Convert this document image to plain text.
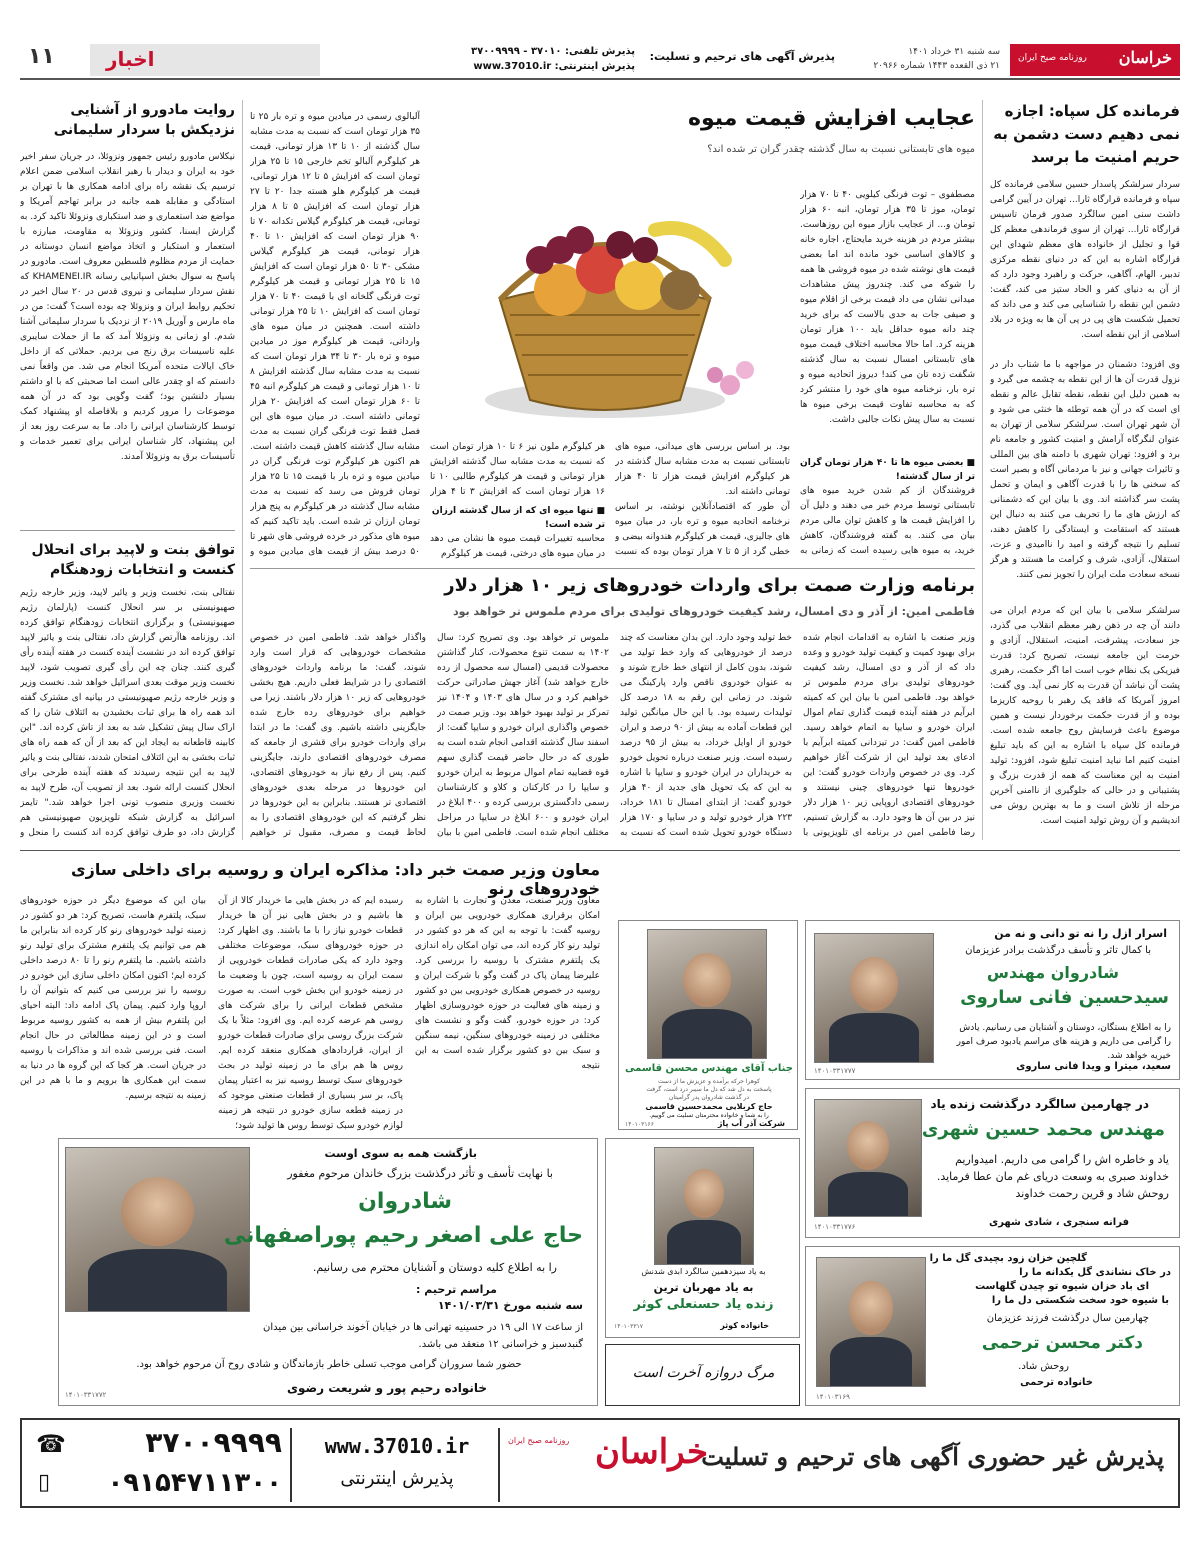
خراسان
روزنامه صبح ایران
سه شنبه ۳۱ خرداد ۱۴۰۱
۲۱ ذی القعده ۱۴۴۳ شماره ۲۰۹۶۶
پذیرش آگهی های ترحیم و تسلیت:
پذیرش تلفنی: ۳۷۰۱۰ - ۳۷۰۰۹۹۹۹
پذیرش اینترنتی: www.37010.ir
اخبار
۱۱
فرمانده کل سپاه: اجازه نمی دهیم دست دشمن به حریم امنیت ما برسد
سردار سرلشکر پاسدار حسین سلامی فرمانده کل سپاه و فرمانده قرارگاه ثارا... تهران در آیین گرامی داشت سنی امین سالگرد صدور فرمان تاسیس قرارگاه ثارا... تهران از سوی فرماندهی معظم کل قوا و تجلیل از خانواده های معظم شهدای این قرارگاه اشاره به این که در دنیای نقطه مرکزی تدبیر، الهام، آگاهی، حرکت و راهبرد وجود دارد که از آن به دنیای کفر و الحاد ستیز می کند، گفت: دشمن این نقطه را شناسایی می کند و می داند که تحمیل شکست های پی در پی آن ها به ویژه در بلاد اسلامی از این نقطه است.
وی افزود: دشمنان در مواجهه با ما شتاب دار در نزول قدرت آن ها از این نقطه به چشمه می گیرد و به همین دلیل این نقطه، نقطه تقابل عالم و نقطه ای است که در آن همه توطئه ها خنثی می شود و آن شهر تهران است. سرلشکر سلامی از تهران به عنوان لنگرگاه آرامش و امنیت کشور و جامعه نام برد و افزود: تهران شهری با دامنه های بین المللی و تاثیرات جهانی و نیز با مردمانی آگاه و بصیر است که سخنی ها را با قدرت آگاهی و ایمان و تحمل پشت سر گذاشته اند. وی با بیان این که دشمنانی که ارزش های ما را تحریف می کنند به دنبال این هستند که استقامت و ایستادگی را کاهش دهند، تسلیم را نتیجه گرفته و امید را ناامیدی و عزت، استقلال، آزادی، شرف و کرامت ما هستند و هرگز نسخه سعادت ملت ایران را تجویز نمی کنند.
سرلشکر سلامی با بیان این که مردم ایران می دانند آن چه در ذهن رهبر معظم انقلاب می گذرد، جز سعادت، پیشرفت، امنیت، استقلال، آزادی و حرمت این جامعه نیست، تصریح کرد: قدرت فیزیکی یک نظام خوب است اما اگر حکمت، رهبری پشت آن نباشد آن قدرت به کار نمی آید. وی گفت: امروز آمریکا که فاقد یک رهبر با روحیه کاریزما بوده و از قدرت حکمت برخوردار نیست و همین موضوع باعث فرسایش روح جامعه شده است. فرمانده کل سپاه با اشاره به این که باید تبلیغ امنیت کنیم اما نباید امنیت تبلیغ شود، افزود: تولید امنیت به این معناست که همه از قدرت بزرگ و پشتیبانی و در حالی که جلوگیری از ناامنی آخرین مرحله از تلاش است و ما به بهترین روش می اندیشیم و آن روش تولید امنیت است.
عجایب افزایش قیمت میوه
میوه های تابستانی نسبت به سال گذشته چقدر گران تر شده اند؟
مصطفوی – توت فرنگی کیلویی ۴۰ تا ۷۰ هزار تومان، موز تا ۳۵ هزار تومان، انبه ۶۰ هزار تومان و... از عجایب بازار میوه این روزهاست. بیشتر مردم در هزینه خرید مایحتاج، اجاره خانه و کالاهای اساسی خود مانده اند اما بعضی قیمت های نوشته شده در میوه فروشی ها همه را شوکه می کند. چندروز پیش مشاهدات میدانی نشان می داد قیمت برخی از اقلام میوه و صیفی جات به حدی بالاست که برای خرید چند دانه میوه حداقل باید ۱۰۰ هزار تومان هزینه کرد. اما حالا محاسبه اختلاف قیمت میوه های تابستانی امسال نسبت به سال گذشته شگفت زده تان می کند! دیروز اتحادیه میوه و تره بار، نرخنامه میوه های خود را منتشر کرد که به محاسبه تفاوت قیمت برخی میوه ها نسبت به سال پیش نکات جالبی داشت.
■ بعضی میوه ها تا ۴۰ هزار تومان گران تر از سال گذشته!
فروشندگان از کم شدن خرید میوه های تابستانی توسط مردم خبر می دهند و دلیل آن را افزایش قیمت ها و کاهش توان مالی مردم بیان می کنند. به گفته فروشندگان، کاهش خرید، به میوه هایی رسیده است که زمانی به
بود. بر اساس بررسی های میدانی، میوه های تابستانی نسبت به مدت مشابه سال گذشته در هر کیلوگرم افزایش قیمت هزار تا ۴۰ هزار تومانی داشته اند.
آن طور که اقتصادآنلاین نوشته، بر اساس نرخنامه اتحادیه میوه و تره بار، در میان میوه های جالیزی، قیمت هر کیلوگرم هندوانه بیضی و خطی گرد از ۵ تا ۷ هزار تومان بوده که نسبت
هر کیلوگرم ملون نیز ۶ تا ۱۰ هزار تومان است که نسبت به مدت مشابه سال گذشته افزایش هزار تومانی و قیمت هر کیلوگرم طالبی ۱۰ تا ۱۶ هزار تومان است که افزایش ۳ تا ۴ هزار
■ تنها میوه ای که از سال گذشته ارزان تر شده است!
محاسبه تغییرات قیمت میوه ها نشان می دهد در میان میوه های درختی، قیمت هر کیلوگرم
آلبالوی رسمی در میادین میوه و تره بار ۲۵ تا ۳۵ هزار تومان است که نسبت به مدت مشابه سال گذشته از ۱۰ تا ۱۳ هزار تومانی، قیمت هر کیلوگرم آلبالو تخم خارجی ۱۵ تا ۲۵ هزار تومان است که افزایش ۵ تا ۱۲ هزار تومانی، قیمت هر کیلوگرم هلو هسته جدا ۲۰ تا ۲۷ هزار تومان است که افزایش ۵ تا ۸ هزار تومانی، قیمت هر کیلوگرم گیلاس تکدانه ۷۰ تا ۹۰ هزار تومان است که افزایش ۱۰ تا ۴۰ هزار تومانی، قیمت هر کیلوگرم گیلاس مشکی ۳۰ تا ۵۰ هزار تومان است که افزایش ۱۵ تا ۲۵ هزار تومانی و قیمت هر کیلوگرم توت فرنگی گلخانه ای با قیمت ۴۰ تا ۷۰ هزار تومان است که افزایش ۱۰ تا ۲۵ هزار تومانی داشته است. همچنین در میان میوه های وارداتی، قیمت هر کیلوگرم موز در میادین میوه و تره بار ۳۰ تا ۳۴ هزار تومان است که نسبت به مدت مشابه سال گذشته افزایش ۸ تا ۱۰ هزار تومانی و قیمت هر کیلوگرم انبه ۴۵ تا ۶۰ هزار تومان است که افزایش ۲۰ هزار تومانی داشته است. در میان میوه های این فصل فقط توت فرنگی گران نسبت به مدت مشابه سال گذشته کاهش قیمت داشته است. هم اکنون هر کیلوگرم توت فرنگی گران در میادین میوه و تره بار با قیمت ۱۵ تا ۲۵ هزار تومان فروش می رسد که نسبت به مدت مشابه سال گذشته در هر کیلوگرم به پنج هزار تومان ارزان تر شده است. باید تاکید کنیم که میوه های مذکور در خرده فروشی های شهر تا ۵۰ درصد بیش از قیمت های میادین میوه و
روایت مادورو از آشنایی نزدیکش با سردار سلیمانی
نیکلاس مادورو رئیس جمهور ونزوئلا، در جریان سفر اخیر خود به ایران و دیدار با رهبر انقلاب اسلامی ضمن اعلام ترسیم یک نقشه راه برای ادامه همکاری ها با تهران بر استادگی و مقابله همه جانبه در برابر تهاجم آمریکا و مواضع ضد استعماری و ضد استکباری ونزوئلا تاکید کرد. به گزارش ایسنا، کشور ونزوئلا به مقاومت، مبارزه با استعمار و استکبار و اتخاذ مواضع انسان دوستانه در حمایت از مردم مظلوم فلسطین معروف است. مادورو در پاسخ به سوال بخش اسپانیایی رسانه KHAMENEI.IR که نقش سردار سلیمانی و نیروی قدس در ۲۰ سال اخیر در تحکیم روابط ایران و ونزوئلا چه بوده است؟ گفت: من در ماه مارس و آوریل ۲۰۱۹ از نزدیک با سردار سلیمانی آشنا شدم. او زمانی به ونزوئلا آمد که ما از حملات سایبری علیه تاسیسات برق رنج می بردیم. حملاتی که از داخل خاک ایالات متحده آمریکا انجام می شد. من واقعاً نمی دانستم که او چقدر عالی است اما صحبتی که با او داشتم بسیار دلنشین بود؛ گفت وگویی بود که در آن همه موضوعات را مرور کردیم و بلافاصله او پیشنهاد کمک توسط کارشناسان ایرانی را داد. ما به سرعت روز بعد از این پیشنهاد، کار شناسان ایرانی برای تعمیر خدمات و تأسیسات برق به ونزوئلا آمدند.
توافق بنت و لاپید برای انحلال کنست و انتخابات زودهنگام
نفتالی بنت، نخست وزیر و یائیر لاپید، وزیر خارجه رژیم صهیونیستی بر سر انحلال کنست (پارلمان رژیم صهیونیستی) و برگزاری انتخابات زودهنگام توافق کرده اند. روزنامه هاآرتص گزارش داد، نفتالی بنت و یائیر لاپید توافق کرده اند در نشست آینده کنست در هفته آینده رأی گیری کنند. چنان چه این رأی گیری تصویب شود، لاپید نخست وزیر موقت بعدی اسرائیل خواهد شد. نخست وزیر و وزیر خارجه رژیم صهیونیستی در بیانیه ای مشترک گفته اند همه راه ها برای ثبات بخشیدن به ائتلاف شان را که اراک سال پیش تشکیل شد به بعد از تاش کرده اند. "این کابینه قاطعانه به ایجاد این که بعد از آن که همه راه های ثبات بخشی به این ائتلاف امتحان شدند، نفتالی بنت و یائیر لاپید به این نتیجه رسیدند که هفته آینده طرحی برای انحلال کنست ارائه شود. بعد از تصویب آن، طرح لاپید به نخست وزیری منصوب تونی اجرا خواهد شد." تایمز اسرائیل به گزارش شبکه تلویزیون صهیونیستی هم گزارش داد، دو طرف توافق کرده اند کنست را منحل و
برنامه وزارت صمت برای واردات خودروهای زیر ۱۰ هزار دلار
فاطمی امین: از آذر و دی امسال، رشد کیفیت خودروهای تولیدی برای مردم ملموس تر خواهد بود
وزیر صنعت با اشاره به اقدامات انجام شده برای بهبود کمیت و کیفیت تولید خودرو و وعده داد که از آذر و دی امسال، رشد کیفیت خودروهای تولیدی برای مردم ملموس تر خواهد بود. فاطمی امین با بیان این که کمیته ابرآیم در هفته آینده قیمت گذاری تمام اموال ایران خودرو و سایپا به اتمام خواهد رسید. فاطمی امین گفت: در تیزدانی کمیته ابرآیم با ادعای بعد تولید این از شرکت آغاز خواهیم کرد. وی در خصوص واردات خودرو گفت: این خودروها تنها خودروهای چینی نیستند و خودروهای اقتصادی اروپایی زیر ۱۰ هزار دلار نیز در بین آن ها وجود دارد. به گزارش تسنیم، رضا فاطمی امین در برنامه ای تلویزیونی با
خط تولید وجود دارد. این بدان معناست که چند درصد از خودروهایی که وارد خط تولید می شوند، بدون کامل از انتهای خط خارج شوند و به عنوان خودروی ناقص وارد پارکینگ می شوند. در زمانی این رقم به ۱۸ درصد کل تولیدات رسیده بود. با این حال میانگین تولید این قطعات آماده به بیش از ۹۰ درصد و ایران خودرو از اوایل خرداد، به بیش از ۹۵ درصد رسیده است. وزیر صنعت درباره تحویل خودرو به خریداران در ایران خودرو و سایپا با اشاره به این که یک تحویل های جدید از ۴۰ هزار خودرو گفت: از ابتدای امسال تا ۱۸۱ خرداد، ۲۲۳ هزار خودرو تولید و در سایپا و ۱۷۰ هزار دستگاه خودرو تحویل شده است که نسبت به
ملموس تر خواهد بود. وی تصریح کرد: سال ۱۴۰۲ به سمت تنوع محصولات، کنار گذاشتن محصولات قدیمی (امسال سه محصول از رده خارج خواهد شد) آغاز جهش صادراتی حرکت خواهیم کرد و در سال های ۱۴۰۳ و ۱۴۰۴ نیز تمرکز بر تولید بهبود خواهد بود. وزیر صمت در خصوص واگذاری ایران خودرو و سایپا گفت: از اسفند سال گذشته اقدامی انجام شده است به طوری که در حال حاضر قیمت گذاری سهم قوه قضاییه تمام اموال مربوط به ایران خودرو و سایپا را در کارکنان و کلاو و کارشناسان رسمی دادگستری بررسی کرده و ۴۰۰ ابلاغ در ایران خودرو و ۶۰۰ ابلاغ در سایپا در مراحل مختلف انجام شده است. فاطمی امین با بیان
واگذار خواهد شد. فاطمی امین در خصوص مشخصات خودروهایی که قرار است وارد شوند، گفت: ما برنامه واردات خودروهای اقتصادی را در شرایط فعلی داریم. هیچ بخشی خودروهایی که زیر ۱۰ هزار دلار باشند. زیرا می خواهیم برای خودروهای رده خارج شده جایگزینی داشته باشیم. وی گفت: ما در ابتدا برای واردات خودرو برای قشری از جامعه که مصرف خودروهای اقتصادی دارند، جایگزینی کنیم. پس از رفع نیاز به خودروهای اقتصادی، این خودروها در مرحله بعدی خودروهای اقتصادی تر هستند. بنابراین به این خودروها در نظر گرفتیم که این خودروهای اقتصادی را به لحاظ قیمت و مصرف، مقبول تر خواهیم
معاون وزیر صمت خبر داد: مذاکره ایران و روسیه برای داخلی سازی خودروهای رنو
معاون وزیر صنعت، معدن و تجارت با اشاره به امکان برقراری همکاری خودرویی بین ایران و روسیه گفت: با توجه به این که هر دو کشور در تولید رنو کار کرده اند، می توان امکان راه اندازی یک پلتفرم مشترک با روسیه را بررسی کرد. علیرضا پیمان پاک در گفت وگو با شرکت ایران و روسیه در خصوص همکاری خودرویی بین دو کشور و زمینه های فعالیت در حوزه خودروسازی اظهار کرد: در حوزه خودرو، گفت وگو و نشست های مختلفی در زمینه خودروهای سنگین، نیمه سنگین و سبک بین دو کشور برگزار شده است به این نتیجه
رسیده ایم که در بخش هایی ما خریدار کالا از آن ها باشیم و در بخش هایی نیز آن ها خریدار قطعات خودرو نیاز را با ما باشند. وی اظهار کرد: در حوزه خودروهای سبک، موضوعات مختلفی وجود دارد که یکی صادرات قطعات خودرویی از سمت ایران به روسیه است، چون با وضعیت ما در زمینه خودرو این بخش خوب است. به صورت مشخص قطعات ایرانی را برای شرکت های روسی هم عرضه کرده ایم. وی افزود: مثلاً با یک شرکت بزرگ روسی برای صادرات قطعات خودرو از ایران، قراردادهای همکاری منعقد کرده ایم. روس ها هم برای ما در زمینه تولید در بحث خودروهای سبک توسط روسیه نیز به اعتبار پیمان پاک، بر سر بسیاری از قطعات صنعتی موجود که در زمینه قطعه سازی خودرو در نتیجه هر زمینه لوازم خودرو سبک توسط روس ها تولید شود؛
بیان این که موضوع دیگر در حوزه خودروهای سبک، پلتفرم هاست، تصریح کرد: هر دو کشور در زمینه تولید خودروهای رنو کار کرده اند بنابراین ما هم می توانیم یک پلتفرم مشترک برای تولید رنو داشته باشیم. ما پلتفرم رنو را تا ۸۰ درصد داخلی کرده ایم؛ اکنون امکان داخلی سازی این خودرو در روسیه را نیز بررسی می کنیم که بتوانیم آن را اروپا وارد کنیم. پیمان پاک ادامه داد: البته احیای این پلتفرم بیش از همه به کشور روسیه مربوط است و در این زمینه مطالعاتی در حال انجام است. فنی بررسی شده اند و مذاکرات با روسیه در جریان است. هر کجا که این گروه ها در دنیا به سمت این همکاری ها برویم و ما با هم در این زمینه به نتیجه برسیم.
اسرار ازل را نه تو دانی و نه من
با کمال تاثر و تأسف درگذشت برادر عزیزمان
شادروان مهندس
سیدحسین فانی ساروی
را به اطلاع بستگان، دوستان و آشنایان می رسانیم. یادش را گرامی می داریم و هزینه های مراسم یادبود صرف امور خیریه خواهد شد.
سعید، میترا و ویدا فانی ساروی
۱۴۰۱۰۳۳۱۷۷۷
جناب آقای مهندس محسن قاسمی
کوهرا حرکه برآمده و عزیزش ما از دست
پاسخت به دل شد که دل ما سیبر درد است، گرفت
در گذشت شادروان پدر گرامیتان
حاج کربلایی محمدحسین قاسمی
را به شما و خانواده محترمتان تسلیت می گوییم.
شرکت آذر آب پاژ
۱۴۰۱۰۳۱۶۶
در چهارمین سالگرد درگذشت زنده یاد
مهندس محمد حسین شهری
یاد و خاطره اش را گرامی می داریم. امیدواریم خداوند صبری به وسعت دریای غم مان عطا فرماید. روحش شاد و قرین رحمت خداوند
فرانه سنجری ، شادی شهری
۱۴۰۱۰۳۳۱۷۷۶
به یاد سیزدهمین سالگرد ابدی شدنش
به یاد مهربان ترین
زنده یاد حسنعلی کوثر
خانواده کوثر
۱۴۰۱۰۳۳۱۷
مرگ دروازه آخرت است
گلچین خزان زود بچیدی گل ما را
در خاک نشاندی گل یکدانه ما را
ای باد خزان شیوه تو چیدن گلهاست
با شیوه خود سخت شکستی دل ما را
چهارمین سال درگذشت فرزند عزیزمان
دکتر محسن ترحمی
روحش شاد.
خانواده ترحمی
۱۴۰۱۰۳۱۶۹
بازگشت همه به سوی اوست
با نهایت تأسف و تأثر درگذشت بزرگ خاندان مرحوم مغفور
شادروان
حاج علی اصغر رحیم پوراصفهانی
را به اطلاع کلیه دوستان و آشنایان محترم می رسانیم.
مراسم ترحیم :
سه شنبه مورخ ۱۴۰۱/۰۳/۳۱
از ساعت ۱۷ الی ۱۹ در حسینیه تهرانی ها در خیابان آخوند خراسانی بین میدان گنبدسبز و خراسانی ۱۲ منعقد می باشد.
حضور شما سروران گرامی موجب تسلی خاطر بازماندگان و شادی روح آن مرحوم خواهد بود.
خانواده رحیم پور و شریعت رضوی
۱۴۰۱۰۳۳۱۷۷۲
پذیرش غیر حضوری آگهی های ترحیم و تسلیت
خراسان
روزنامه صبح ایران
www.37010.ir
پذیرش اینترنتی
☎	۳۷۰۰۹۹۹۹
▯ ۰۹۱۵۴۷۱۱۳۰۰
